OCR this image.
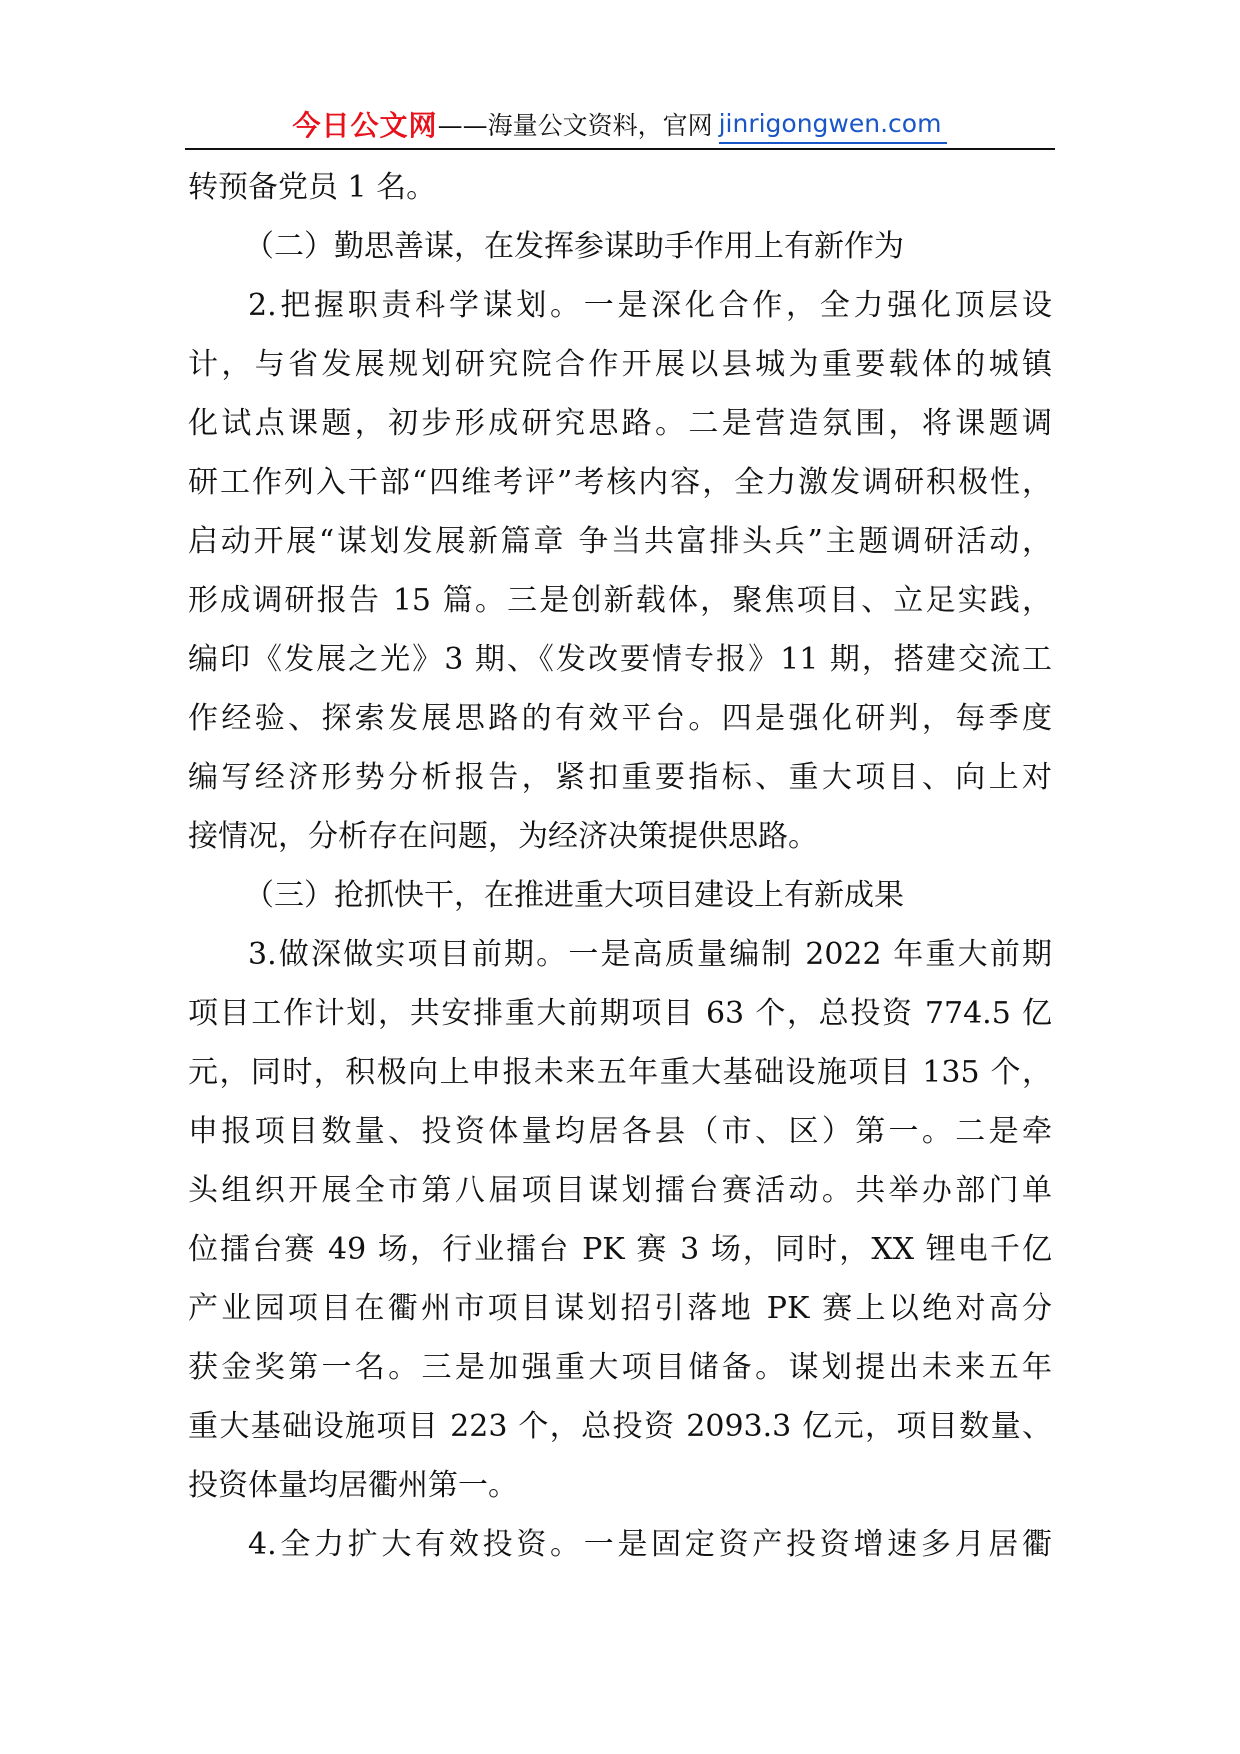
今日公文网 ——海量公文资料，官网 jinrigongwen.com
转预备党员 1 名。
（二）勤思善谋，在发挥参谋助手作用上有新作为
2.把握职责科学谋划。一是深化合作，全力强化顶层设
计，与省发展规划研究院合作开展以县城为重要载体的城镇
化试点课题，初步形成研究思路。二是营造氛围，将课题调
研工作列入干部“四维考评”考核内容，全力激发调研积极性，
启动开展“谋划发展新篇章 争当共富排头兵”主题调研活动，
形成调研报告 15 篇。三是创新载体，聚焦项目、立足实践，
编印《发展之光》3 期、《发改要情专报》11 期，搭建交流工
作经验、探索发展思路的有效平台。四是强化研判，每季度
编写经济形势分析报告，紧扣重要指标、重大项目、向上对
接情况，分析存在问题，为经济决策提供思路。
（三）抢抓快干，在推进重大项目建设上有新成果
3.做深做实项目前期。一是高质量编制 2022 年重大前期
项目工作计划，共安排重大前期项目 63 个，总投资 774.5 亿
元，同时，积极向上申报未来五年重大基础设施项目 135 个，
申报项目数量、投资体量均居各县（市、区）第一。二是牵
头组织开展全市第八届项目谋划擂台赛活动。共举办部门单
位擂台赛 49 场，行业擂台 PK 赛 3 场，同时，XX 锂电千亿
产业园项目在衢州市项目谋划招引落地 PK 赛上以绝对高分
获金奖第一名。三是加强重大项目储备。谋划提出未来五年
重大基础设施项目 223 个，总投资 2093.3 亿元，项目数量、
投资体量均居衢州第一。
4.全力扩大有效投资。一是固定资产投资增速多月居衢
